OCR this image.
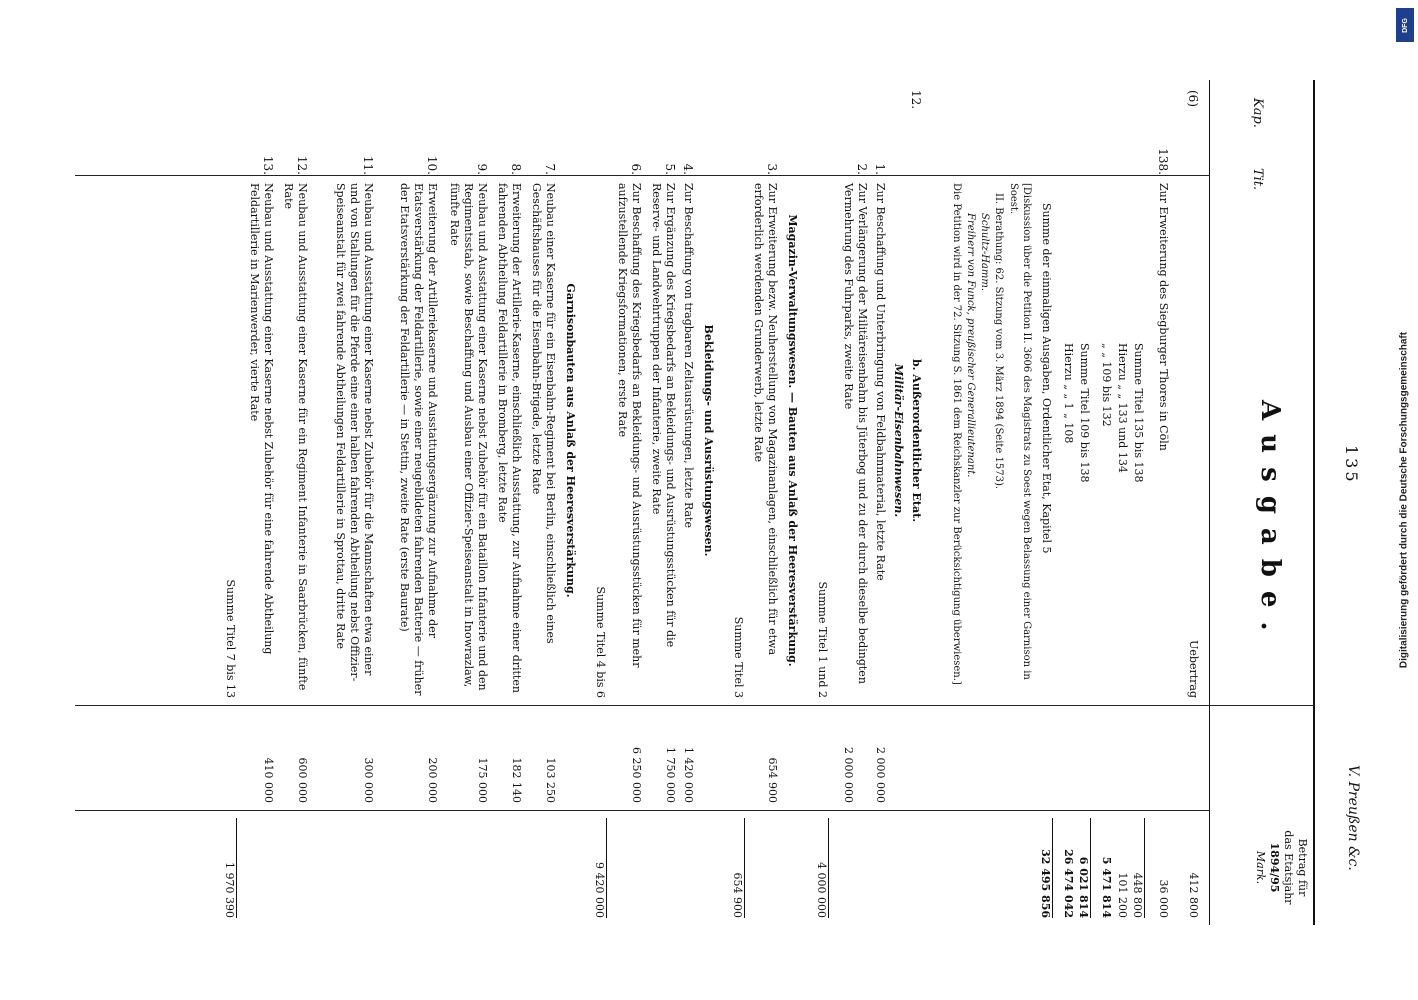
Digitalisierung gefördert durch die Deutsche Forschungsgemeinschaft
DFG
135
V. Preußen &c.
Kap.
Tit.
Ausgabe.
Betrag für
das Etatsjahr
1894/95
Mark.
(6)
Uebertrag
412 800
138.
Zur Erweiterung des Siegburger Thores in Cöln
36 000
Summe Titel 135 bis 138
448 800
Hierzu „ „ 133 und 134
101 200
„ „ 109 bis 132
5 471 814
Summe Titel 109 bis 138
6 021 814
Hierzu „ „ 1 „ 108
26 474 042
Summe der einmaligen Ausgaben, Ordentlicher Etat, Kapitel 5
32 495 856
[Diskussion über die Petition II. 3606 des Magistrats zu Soest wegen Belassung einer Garnison in Soest.
II. Berathung: 62. Sitzung vom 3. März 1894 (Seite 1573).
Schultz-Hamm.
Freiherr von Funck, preußischer Generallieutenant.
Die Petition wird in der 72. Sitzung S. 1861 dem Reichskanzler zur Berücksichtigung überwiesen.]
12.
b. Außerordentlicher Etat.
Militär-Eisenbahnwesen.
1.
Zur Beschaffung und Unterbringung von Feldbahnmaterial, letzte Rate
2 000 000
2.
Zur Verlängerung der Militäreisenbahn bis Jüterbog und zu der durch dieselbe bedingten Vermehrung des Fuhrparks, zweite Rate
2 000 000
Summe Titel 1 und 2
4 000 000
Magazin-Verwaltungswesen. — Bauten aus Anlaß der Heeresverstärkung.
3.
Zur Erweiterung bezw. Neuherstellung von Magazinanlagen, einschließlich für etwa erforderlich werdenden Grunderwerb, letzte Rate
654 900
Summe Titel 3
654 900
Bekleidungs- und Ausrüstungswesen.
4.
Zur Beschaffung von tragbaren Zeltausrüstungen, letzte Rate
1 420 000
5.
Zur Ergänzung des Kriegsbedarfs an Bekleidungs- und Ausrüstungsstücken für die Reserve- und Landwehrtruppen der Infanterie, zweite Rate
1 750 000
6.
Zur Beschaffung des Kriegsbedarfs an Bekleidungs- und Ausrüstungsstücken für mehr aufzustellende Kriegsformationen, erste Rate
6 250 000
Summe Titel 4 bis 6
9 420 000
Garnisonbauten aus Anlaß der Heeresverstärkung.
7.
Neubau einer Kaserne für ein Eisenbahn-Regiment bei Berlin, einschließlich eines Geschäftshauses für die Eisenbahn-Brigade, letzte Rate
103 250
8.
Erweiterung der Artillerie-Kaserne, einschließlich Ausstattung, zur Aufnahme einer dritten fahrenden Abtheilung Feldartillerie in Bromberg, letzte Rate
182 140
9.
Neubau und Ausstattung einer Kaserne nebst Zubehör für ein Bataillon Infanterie und den Regimentsstab, sowie Beschaffung und Ausbau einer Offizier-Speiseanstalt in Inowrazlaw, fünfte Rate
175 000
10.
Erweiterung der Artilleriekaserne und Ausstattungsergänzung zur Aufnahme der Etatsverstärkung der Feldartillerie, sowie einer neugebildeten fahrenden Batterie — früher der Etatsverstärkung der Feldartillerie — in Stettin, zweite Rate (erste Baurate)
200 000
11.
Neubau und Ausstattung einer Kaserne nebst Zubehör für die Mannschaften etwa einer und von Stallungen für die Pferde eine einer halben fahrenden Abtheilung nebst Offizier-Speiseanstalt für zwei fahrende Abtheilungen Feldartillerie in Sprottau, dritte Rate
300 000
12.
Neubau und Ausstattung einer Kaserne für ein Regiment Infanterie in Saarbrücken, fünfte Rate
600 000
13.
Neubau und Ausstattung einer Kaserne nebst Zubehör für eine fahrende Abtheilung Feldartillerie in Marienwerder, vierte Rate
410 000
Summe Titel 7 bis 13
1 970 390
